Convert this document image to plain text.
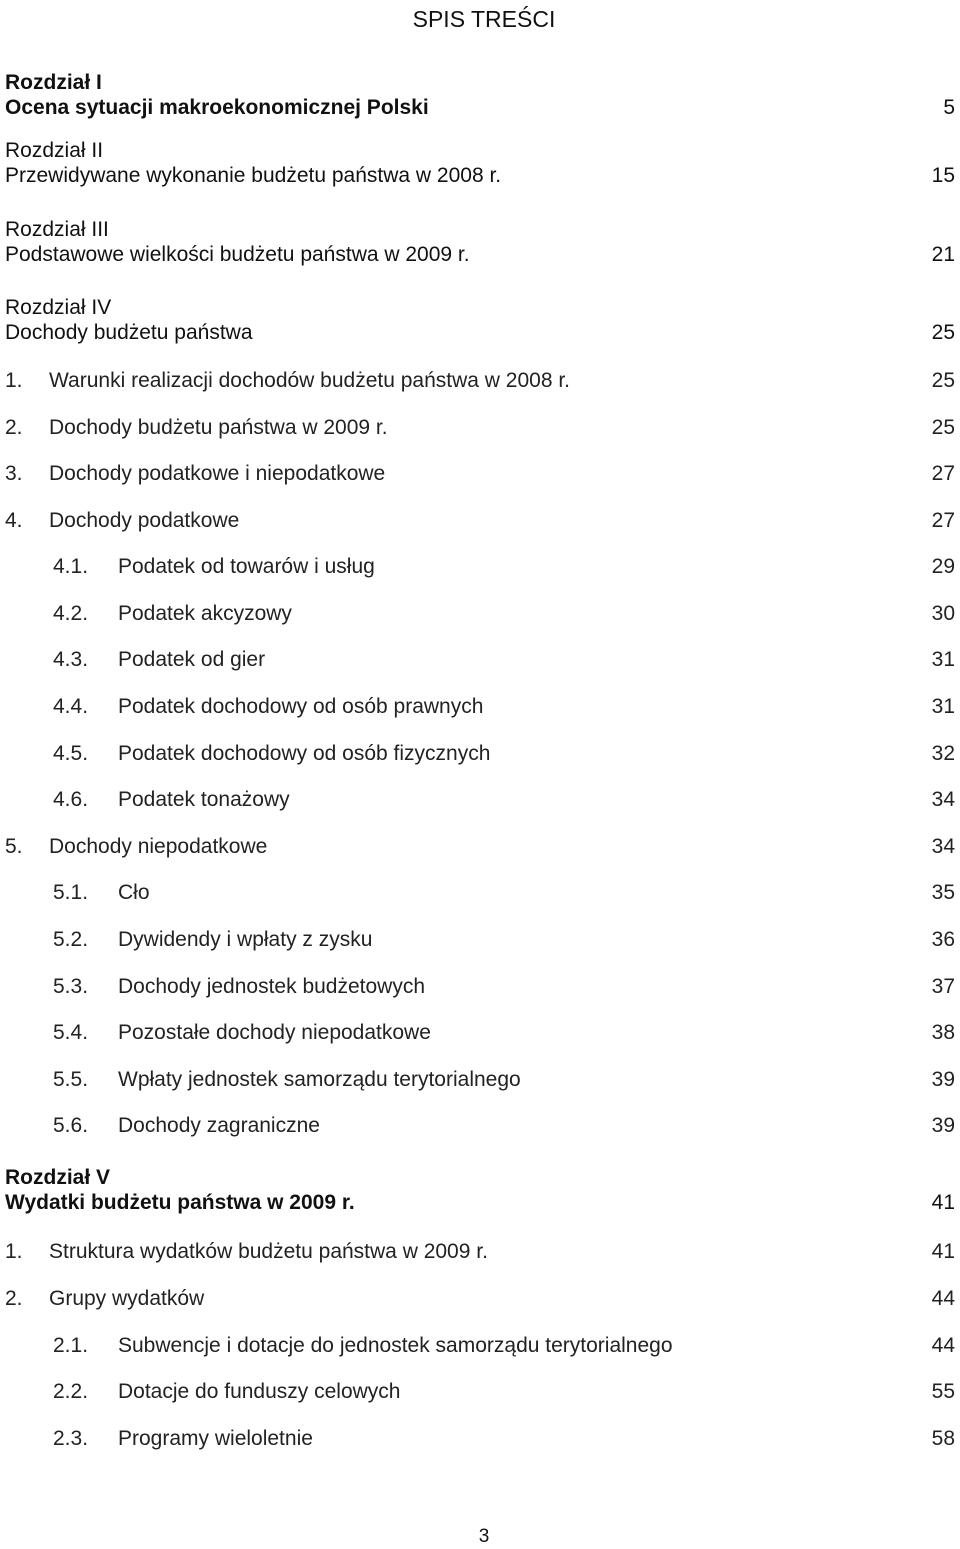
SPIS TREŚCI
Rozdział I
Ocena sytuacji makroekonomicznej Polski	5
Rozdział II
Przewidywane wykonanie budżetu państwa w 2008 r.	15
Rozdział III
Podstawowe wielkości budżetu państwa w 2009 r.	21
Rozdział IV
Dochody budżetu państwa	25
1. Warunki realizacji dochodów budżetu państwa w 2008 r.	25
2. Dochody budżetu państwa w 2009 r.	25
3. Dochody podatkowe i niepodatkowe	27
4. Dochody podatkowe	27
4.1. Podatek od towarów i usług	29
4.2. Podatek akcyzowy	30
4.3. Podatek od gier	31
4.4. Podatek dochodowy od osób prawnych	31
4.5. Podatek dochodowy od osób fizycznych	32
4.6. Podatek tonażowy	34
5. Dochody niepodatkowe	34
5.1. Cło	35
5.2. Dywidendy i wpłaty z zysku	36
5.3. Dochody jednostek budżetowych	37
5.4. Pozostałe dochody niepodatkowe	38
5.5. Wpłaty jednostek samorządu terytorialnego	39
5.6. Dochody zagraniczne	39
Rozdział V
Wydatki budżetu państwa w 2009 r.	41
1. Struktura wydatków budżetu państwa w 2009 r.	41
2. Grupy wydatków	44
2.1. Subwencje i dotacje do jednostek samorządu terytorialnego	44
2.2. Dotacje do funduszy celowych	55
2.3. Programy wieloletnie	58
3
